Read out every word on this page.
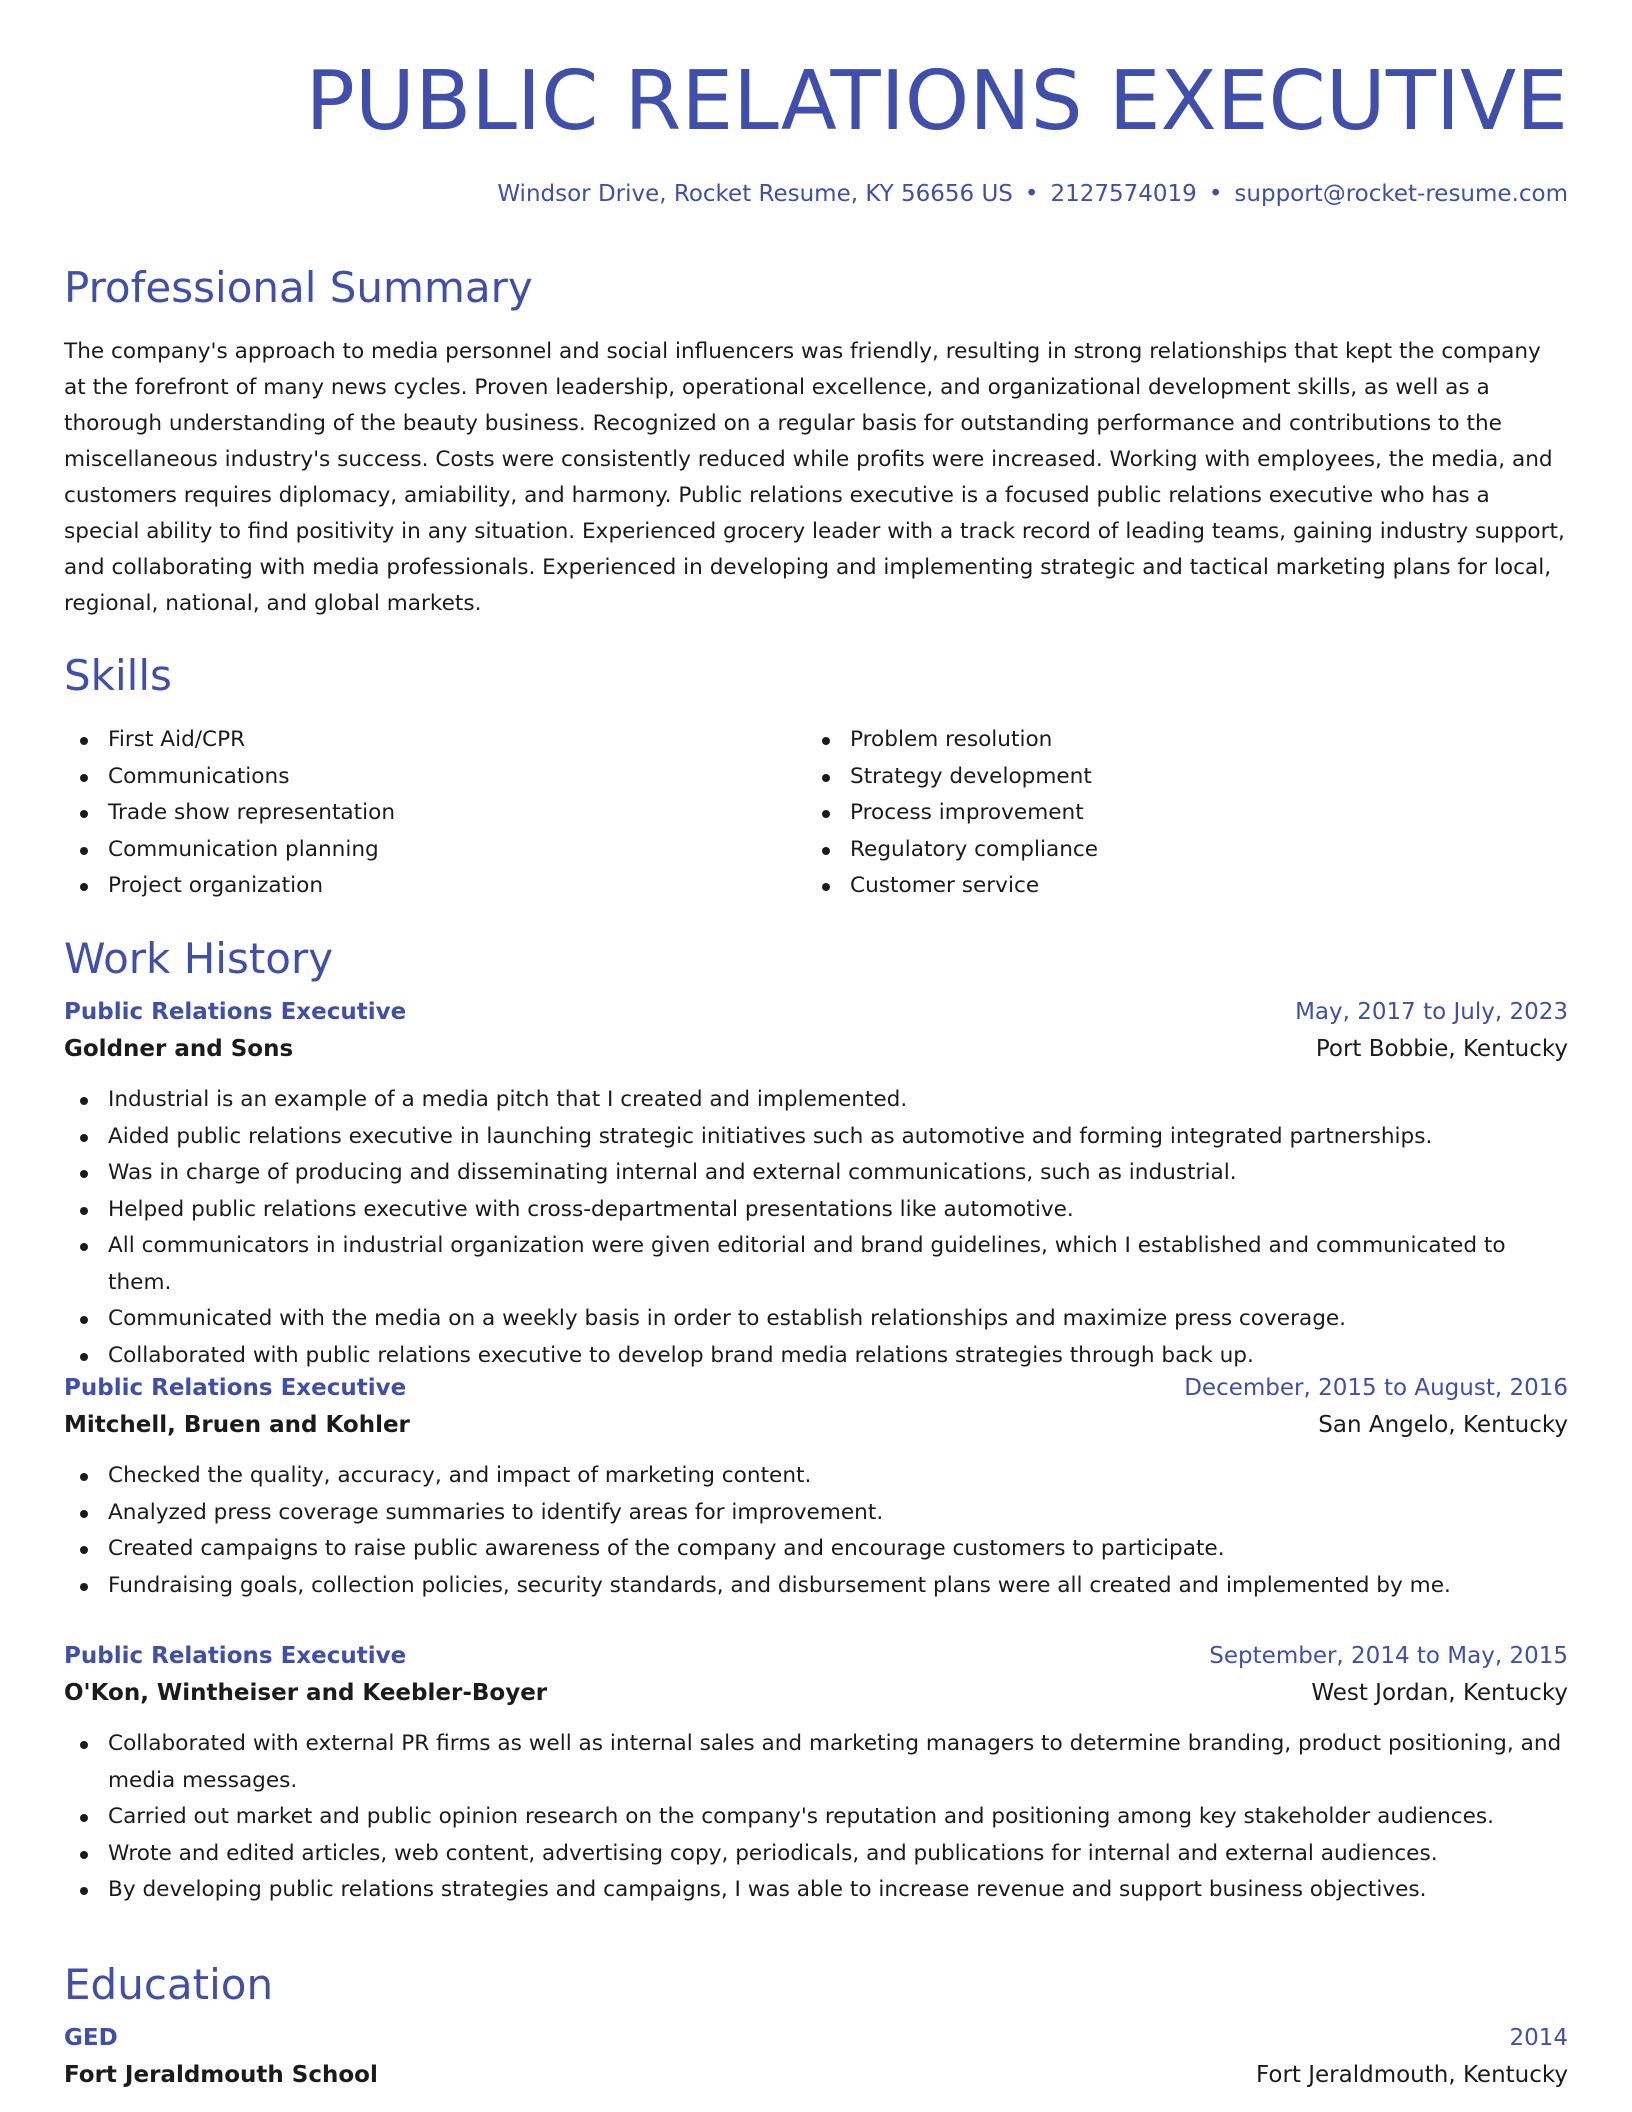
PUBLIC RELATIONS EXECUTIVE
Windsor Drive, Rocket Resume, KY 56656 US • 2127574019 • support@rocket-resume.com
Professional Summary

The company's approach to media personnel and social influencers was friendly, resulting in strong relationships that kept the company at the forefront of many news cycles. Proven leadership, operational excellence, and organizational development skills, as well as a thorough understanding of the beauty business. Recognized on a regular basis for outstanding performance and contributions to the miscellaneous industry's success. Costs were consistently reduced while profits were increased. Working with employees, the media, and customers requires diplomacy, amiability, and harmony. Public relations executive is a focused public relations executive who has a special ability to find positivity in any situation. Experienced grocery leader with a track record of leading teams, gaining industry support, and collaborating with media professionals. Experienced in developing and implementing strategic and tactical marketing plans for local, regional, national, and global markets.

Skills
First Aid/CPR
Communications
Trade show representation
Communication planning
Project organization
Problem resolution
Strategy development
Process improvement
Regulatory compliance
Customer service
Work History
Public Relations Executive	May, 2017 to July, 2023
Goldner and Sons	Port Bobbie, Kentucky
Industrial is an example of a media pitch that I created and implemented.
Aided public relations executive in launching strategic initiatives such as automotive and forming integrated partnerships.
Was in charge of producing and disseminating internal and external communications, such as industrial.
Helped public relations executive with cross-departmental presentations like automotive.
All communicators in industrial organization were given editorial and brand guidelines, which I established and communicated to them.
Communicated with the media on a weekly basis in order to establish relationships and maximize press coverage.
Collaborated with public relations executive to develop brand media relations strategies through back up.
Public Relations Executive	December, 2015 to August, 2016
Mitchell, Bruen and Kohler	San Angelo, Kentucky
Checked the quality, accuracy, and impact of marketing content.
Analyzed press coverage summaries to identify areas for improvement.
Created campaigns to raise public awareness of the company and encourage customers to participate.
Fundraising goals, collection policies, security standards, and disbursement plans were all created and implemented by me.
Public Relations Executive	September, 2014 to May, 2015
O'Kon, Wintheiser and Keebler-Boyer	West Jordan, Kentucky
Collaborated with external PR firms as well as internal sales and marketing managers to determine branding, product positioning, and media messages.
Carried out market and public opinion research on the company's reputation and positioning among key stakeholder audiences.
Wrote and edited articles, web content, advertising copy, periodicals, and publications for internal and external audiences.
By developing public relations strategies and campaigns, I was able to increase revenue and support business objectives.
Education
GED	2014
Fort Jeraldmouth School	Fort Jeraldmouth, Kentucky
